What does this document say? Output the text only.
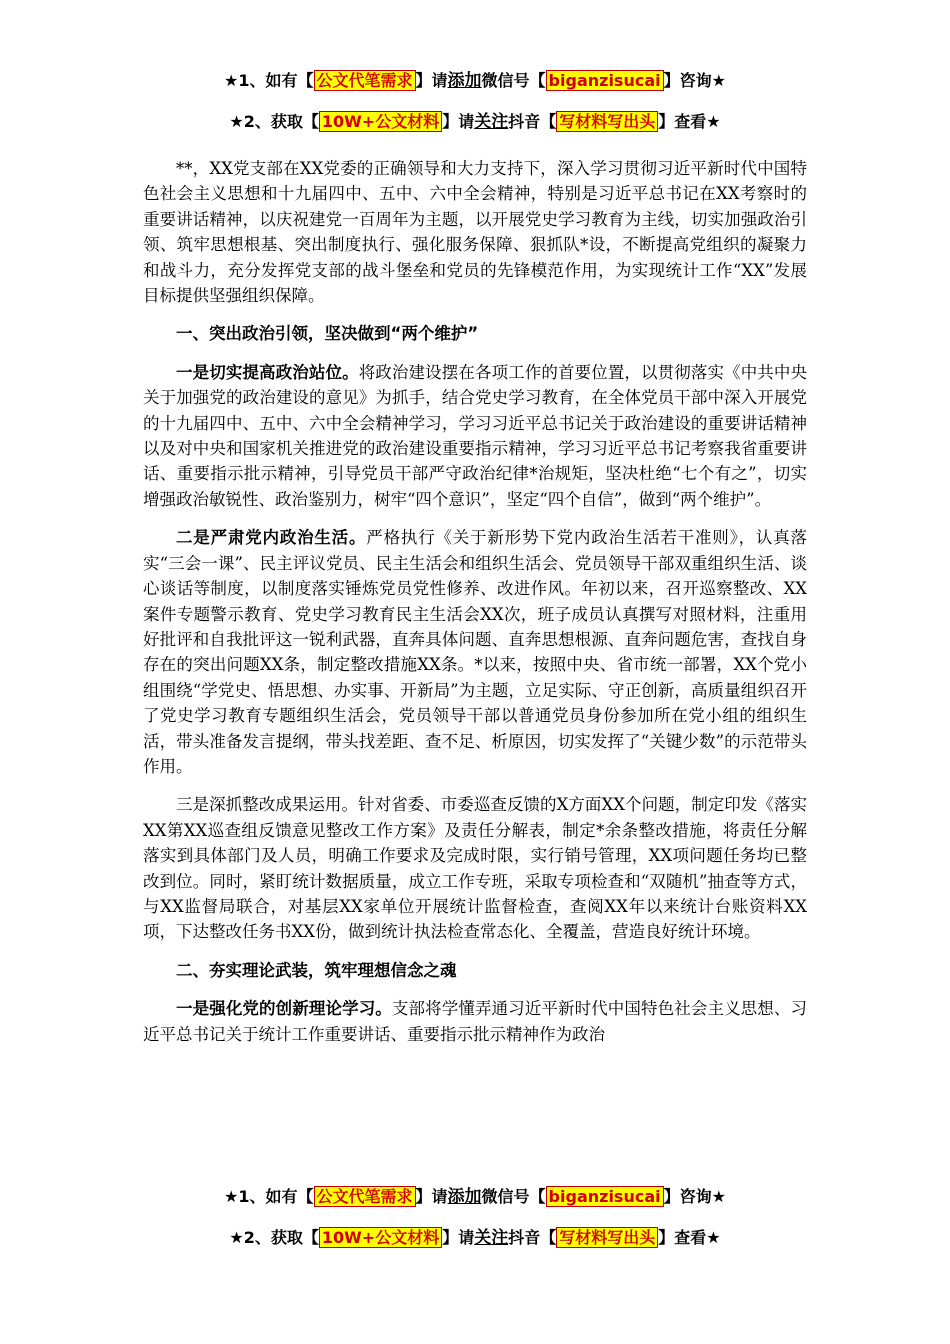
★1、如有【 公文代笔需求 】请添加微信号【 biganzisucai 】咨询★
★2、获取【 10W+公文材料 】请关注抖音【 写材料写出头 】查看★

**，XX党支部在XX党委的正确领导和大力支持下，深入学习贯彻习近平新时代中国特色社会主义思想和十九届四中、五中、六中全会精神，特别是习近平总书记在XX考察时的重要讲话精神，以庆祝建党一百周年为主题，以开展党史学习教育为主线，切实加强政治引领、筑牢思想根基、突出制度执行、强化服务保障、狠抓队*设，不断提高党组织的凝聚力和战斗力，充分发挥党支部的战斗堡垒和党员的先锋模范作用，为实现统计工作“XX”发展目标提供坚强组织保障。

一、突出政治引领，坚决做到“两个维护”

一是切实提高政治站位。将政治建设摆在各项工作的首要位置，以贯彻落实《中共中央关于加强党的政治建设的意见》为抓手，结合党史学习教育，在全体党员干部中深入开展党的十九届四中、五中、六中全会精神学习，学习习近平总书记关于政治建设的重要讲话精神以及对中央和国家机关推进党的政治建设重要指示精神，学习习近平总书记考察我省重要讲话、重要指示批示精神，引导党员干部严守政治纪律*治规矩，坚决杜绝“七个有之”，切实增强政治敏锐性、政治鉴别力，树牢“四个意识”，坚定“四个自信”，做到“两个维护”。

二是严肃党内政治生活。严格执行《关于新形势下党内政治生活若干准则》，认真落实“三会一课”、民主评议党员、民主生活会和组织生活会、党员领导干部双重组织生活、谈心谈话等制度，以制度落实锤炼党员党性修养、改进作风。年初以来，召开巡察整改、XX案件专题警示教育、党史学习教育民主生活会XX次，班子成员认真撰写对照材料，注重用好批评和自我批评这一锐利武器，直奔具体问题、直奔思想根源、直奔问题危害，查找自身存在的突出问题XX条，制定整改措施XX条。*以来，按照中央、省市统一部署，XX个党小组围绕“学党史、悟思想、办实事、开新局”为主题，立足实际、守正创新，高质量组织召开了党史学习教育专题组织生活会，党员领导干部以普通党员身份参加所在党小组的组织生活，带头准备发言提纲，带头找差距、查不足、析原因，切实发挥了“关键少数”的示范带头作用。

三是深抓整改成果运用。针对省委、市委巡查反馈的X方面XX个问题，制定印发《落实XX第XX巡查组反馈意见整改工作方案》及责任分解表，制定*余条整改措施，将责任分解落实到具体部门及人员，明确工作要求及完成时限，实行销号管理，XX项问题任务均已整改到位。同时，紧盯统计数据质量，成立工作专班，采取专项检查和“双随机”抽查等方式，与XX监督局联合，对基层XX家单位开展统计监督检查，查阅XX年以来统计台账资料XX项，下达整改任务书XX份，做到统计执法检查常态化、全覆盖，营造良好统计环境。

二、夯实理论武装，筑牢理想信念之魂

一是强化党的创新理论学习。支部将学懂弄通习近平新时代中国特色社会主义思想、习近平总书记关于统计工作重要讲话、重要指示批示精神作为政治

★1、如有【 公文代笔需求 】请添加微信号【 biganzisucai 】咨询★
★2、获取【 10W+公文材料 】请关注抖音【 写材料写出头 】查看★
